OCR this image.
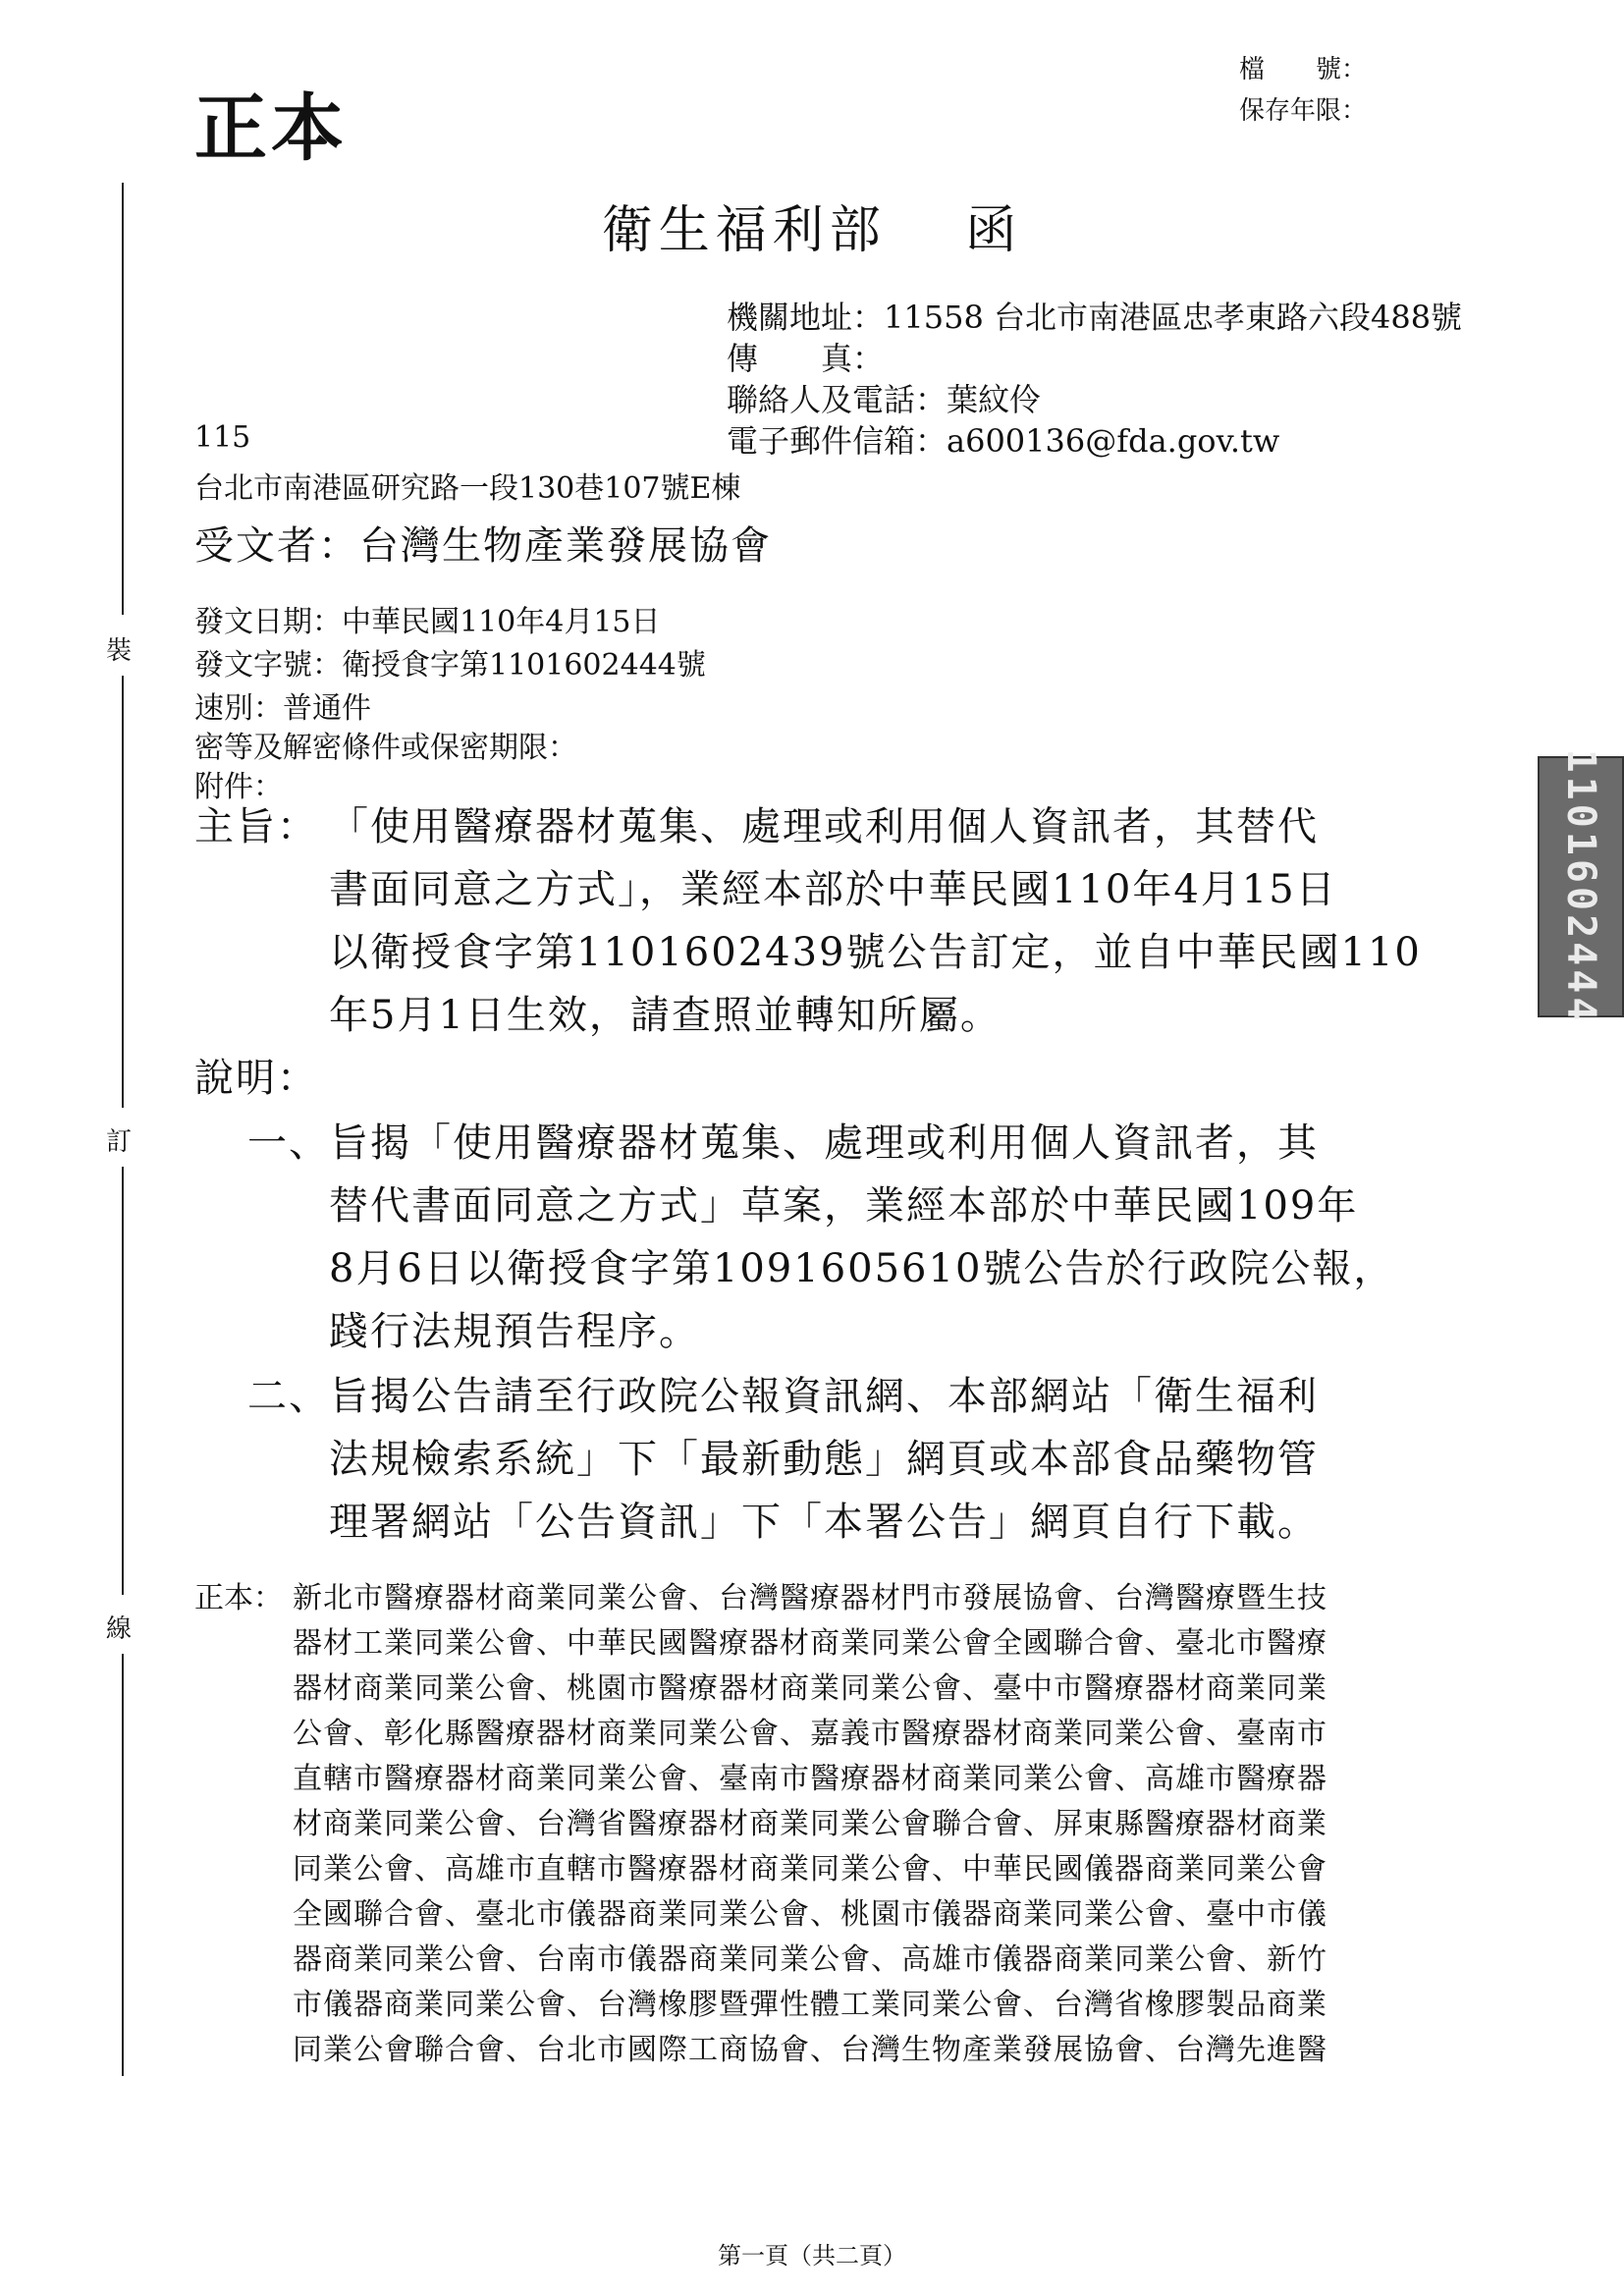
正本
檔　　號：
保存年限：
衛生福利部　 函
機關地址：11558 台北市南港區忠孝東路六段488號
傳　　真：
聯絡人及電話：葉紋伶
電子郵件信箱：a600136@fda.gov.tw
115
台北市南港區研究路一段130巷107號E棟
受文者：台灣生物產業發展協會
發文日期：中華民國110年4月15日
發文字號：衛授食字第1101602444號
速別：普通件
密等及解密條件或保密期限：
附件：
主旨： 「使用醫療器材蒐集、處理或利用個人資訊者，其替代
書面同意之方式」，業經本部於中華民國110年4月15日
以衛授食字第1101602439號公告訂定，並自中華民國110
年5月1日生效，請查照並轉知所屬。
說明：
一、 旨揭「使用醫療器材蒐集、處理或利用個人資訊者，其
替代書面同意之方式」草案，業經本部於中華民國109年
8月6日以衛授食字第1091605610號公告於行政院公報，
踐行法規預告程序。
二、 旨揭公告請至行政院公報資訊網、本部網站「衛生福利
法規檢索系統」下「最新動態」網頁或本部食品藥物管
理署網站「公告資訊」下「本署公告」網頁自行下載。
正本： 新北市醫療器材商業同業公會、台灣醫療器材門市發展協會、台灣醫療暨生技
器材工業同業公會、中華民國醫療器材商業同業公會全國聯合會、臺北市醫療
器材商業同業公會、桃園市醫療器材商業同業公會、臺中市醫療器材商業同業
公會、彰化縣醫療器材商業同業公會、嘉義市醫療器材商業同業公會、臺南市
直轄市醫療器材商業同業公會、臺南市醫療器材商業同業公會、高雄市醫療器
材商業同業公會、台灣省醫療器材商業同業公會聯合會、屏東縣醫療器材商業
同業公會、高雄市直轄市醫療器材商業同業公會、中華民國儀器商業同業公會
全國聯合會、臺北市儀器商業同業公會、桃園市儀器商業同業公會、臺中市儀
器商業同業公會、台南市儀器商業同業公會、高雄市儀器商業同業公會、新竹
市儀器商業同業公會、台灣橡膠暨彈性體工業同業公會、台灣省橡膠製品商業
同業公會聯合會、台北市國際工商協會、台灣生物產業發展協會、台灣先進醫
裝
訂
線
1101602444
第一頁（共二頁）
